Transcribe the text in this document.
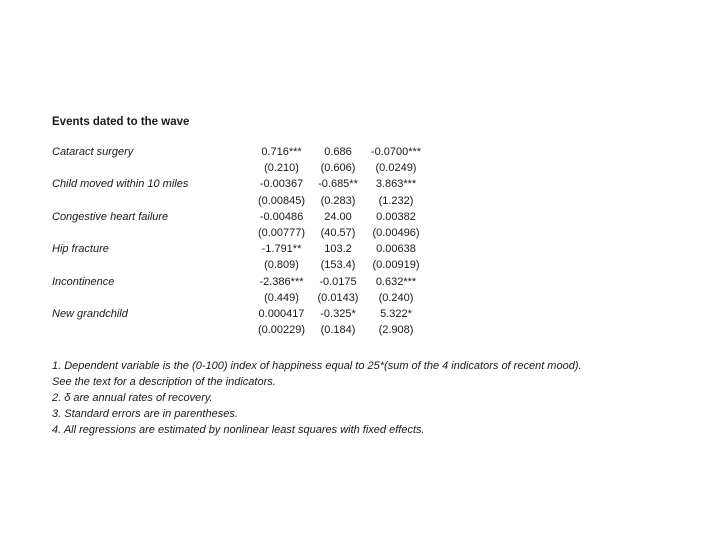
Events dated to the wave
Cataract surgery	0.716***	0.686	-0.0700***
	(0.210)	(0.606)	(0.0249)
Child moved within 10 miles	-0.00367	-0.685**	3.863***
	(0.00845)	(0.283)	(1.232)
Congestive heart failure	-0.00486	24.00	0.00382
	(0.00777)	(40.57)	(0.00496)
Hip fracture	-1.791**	103.2	0.00638
	(0.809)	(153.4)	(0.00919)
Incontinence	-2.386***	-0.0175	0.632***
	(0.449)	(0.0143)	(0.240)
New grandchild	0.000417	-0.325*	5.322*
	(0.00229)	(0.184)	(2.908)
1. Dependent variable is the (0-100) index of happiness equal to 25*(sum of the 4 indicators of recent mood).
See the text for a description of the indicators.
2. δ are annual rates of recovery.
3. Standard errors are in parentheses.
4. All regressions are estimated by nonlinear least squares with fixed effects.
